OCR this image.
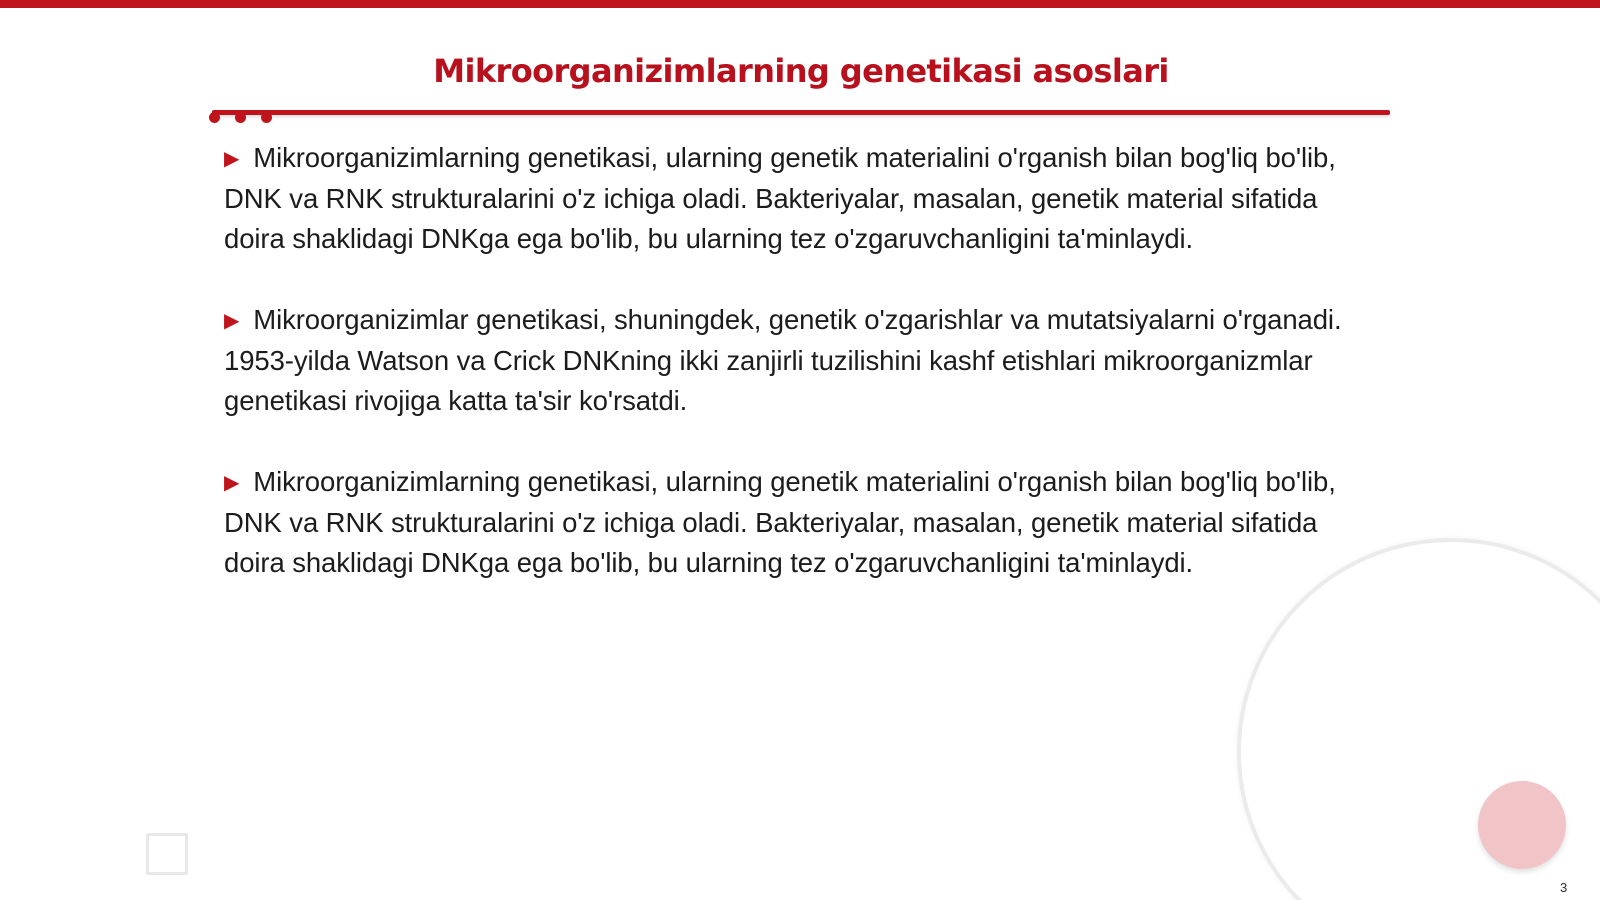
Mikroorganizimlarning genetikasi asoslari

▶ Mikroorganizimlarning genetikasi, ularning genetik materialini o'rganish bilan bog'liq bo'lib, DNK va RNK strukturalarini o'z ichiga oladi. Bakteriyalar, masalan, genetik material sifatida doira shaklidagi DNKga ega bo'lib, bu ularning tez o'zgaruvchanligini ta'minlaydi.

▶ Mikroorganizimlar genetikasi, shuningdek, genetik o'zgarishlar va mutatsiyalarni o'rganadi. 1953-yilda Watson va Crick DNKning ikki zanjirli tuzilishini kashf etishlari mikroorganizmlar genetikasi rivojiga katta ta'sir ko'rsatdi.

▶ Mikroorganizimlarning genetikasi, ularning genetik materialini o'rganish bilan bog'liq bo'lib, DNK va RNK strukturalarini o'z ichiga oladi. Bakteriyalar, masalan, genetik material sifatida doira shaklidagi DNKga ega bo'lib, bu ularning tez o'zgaruvchanligini ta'minlaydi.

3
